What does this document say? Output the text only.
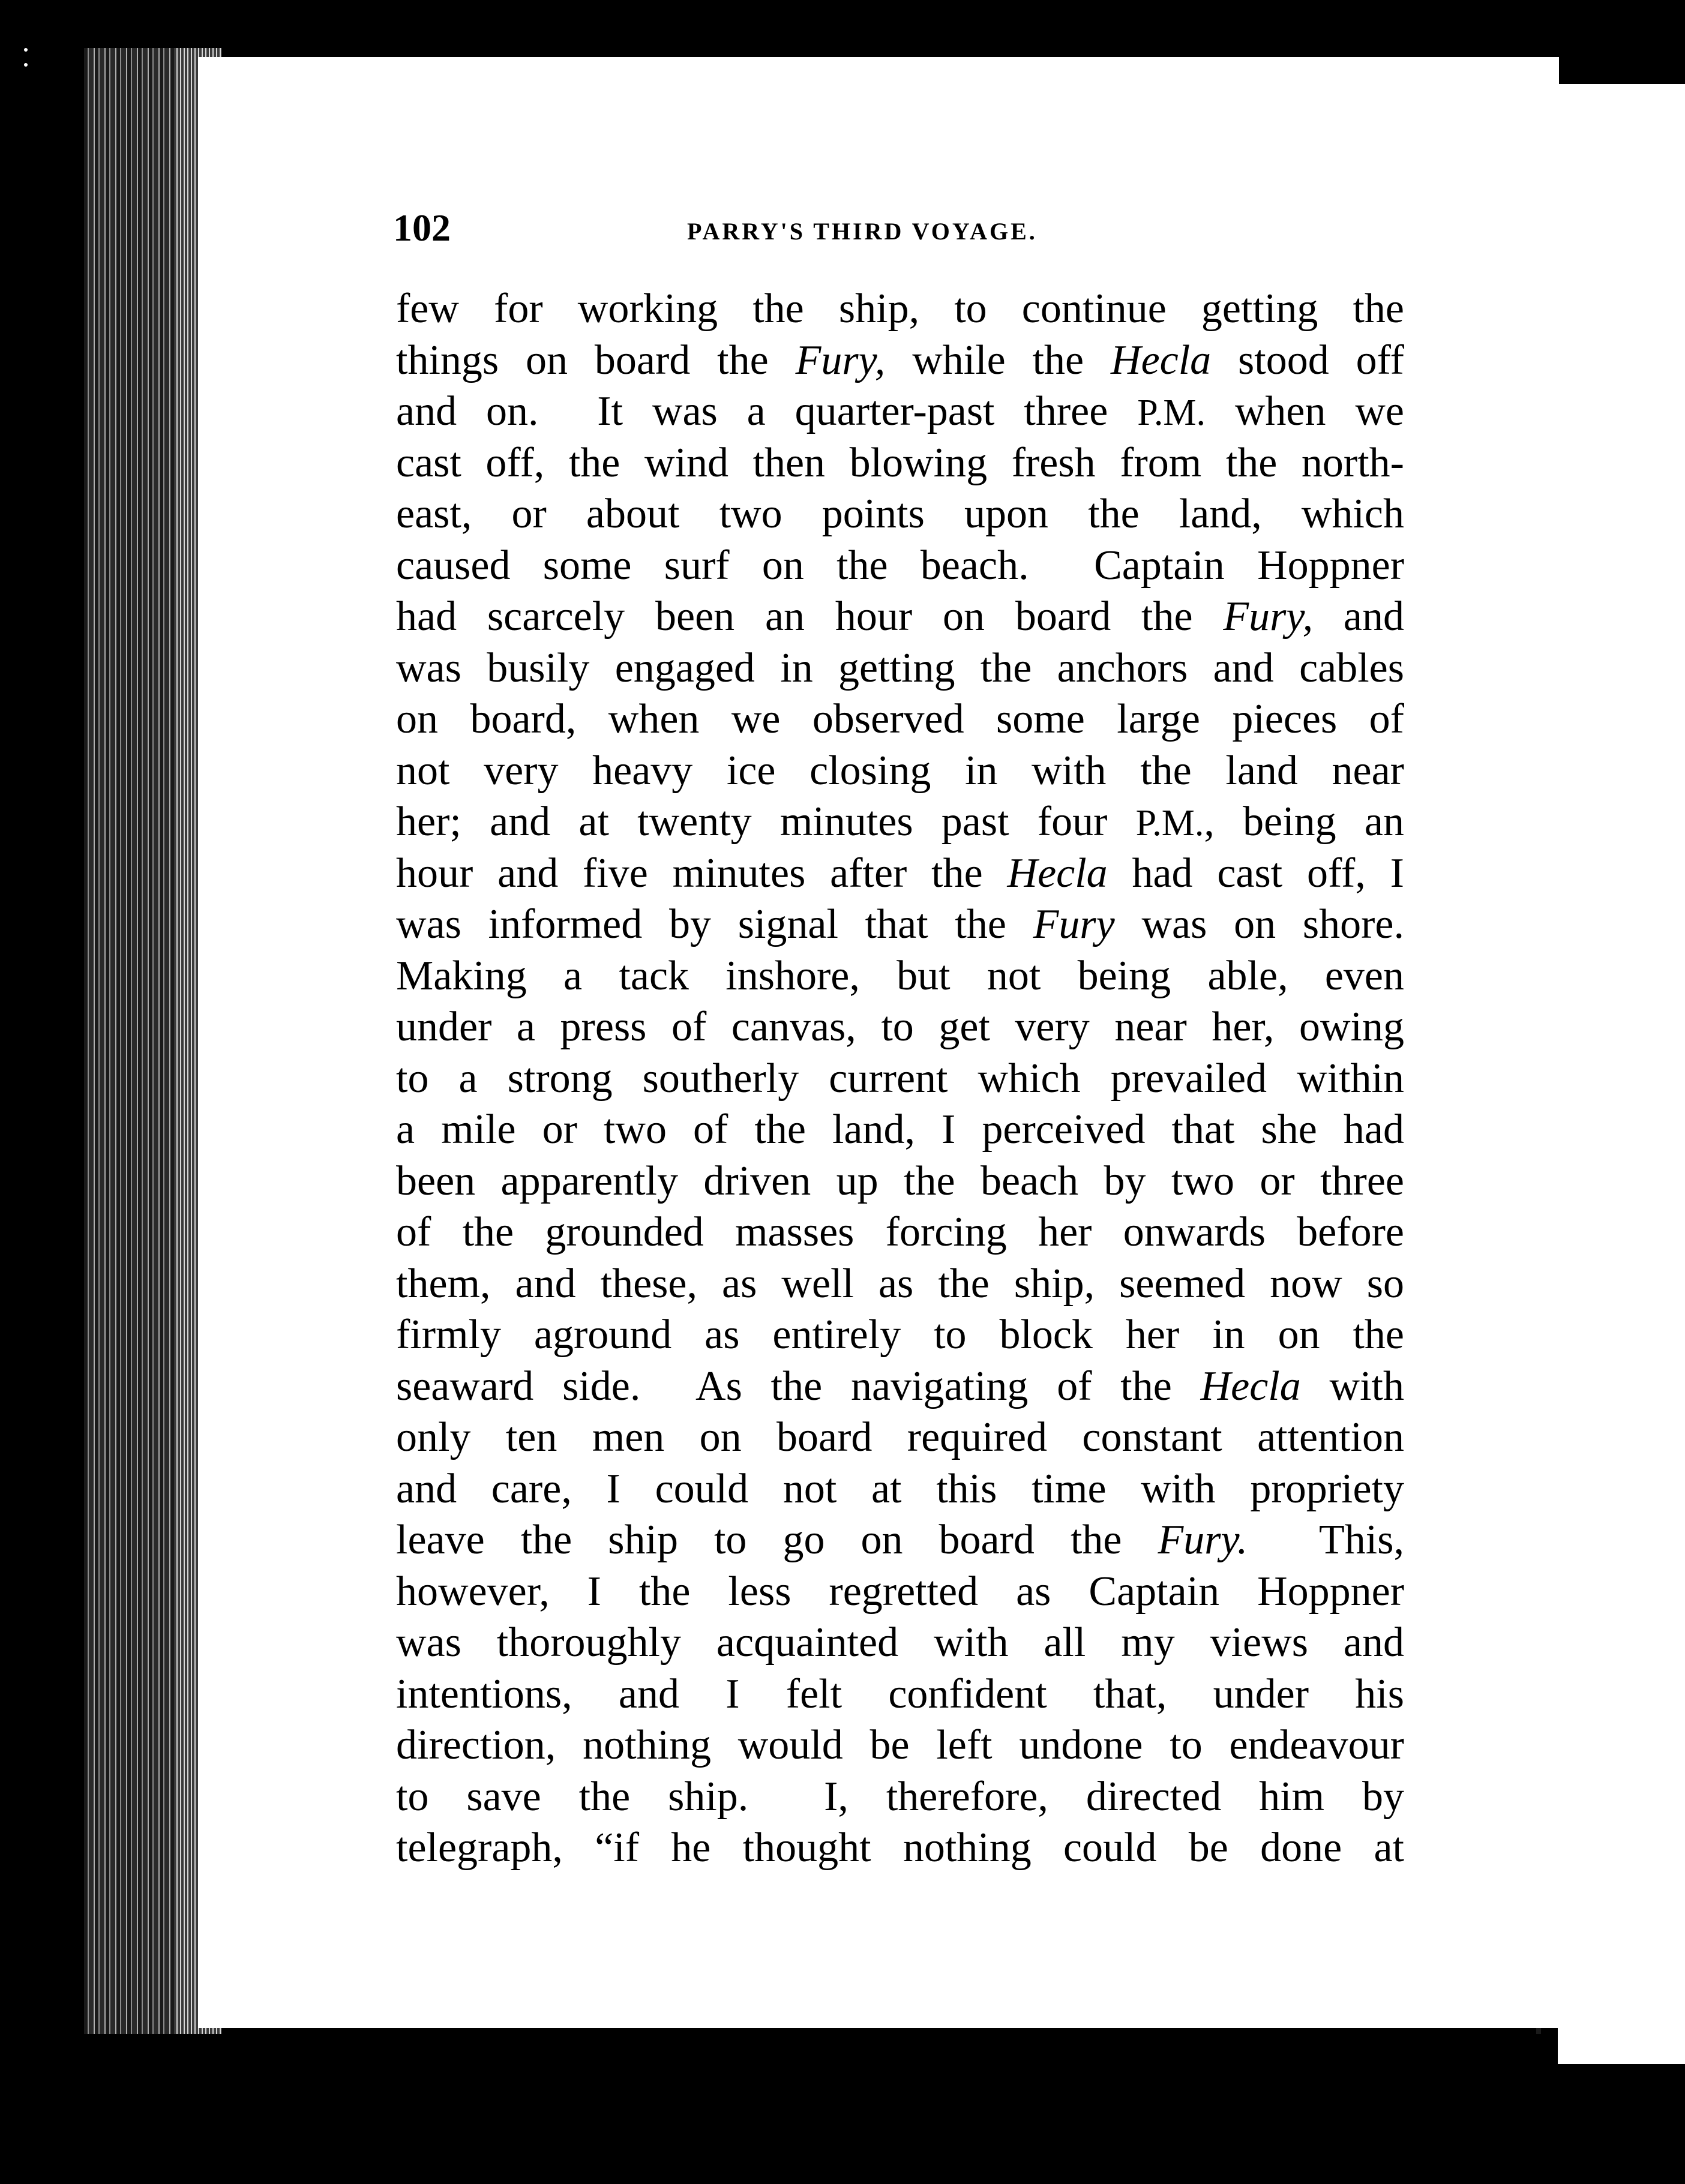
102	PARRY'S THIRD VOYAGE.
few for working the ship, to continue getting the
things on board the Fury, while the Hecla stood off
and on.  It was a quarter-past three P.M. when we
cast off, the wind then blowing fresh from the north-
east, or about two points upon the land, which
caused some surf on the beach.  Captain Hoppner
had scarcely been an hour on board the Fury, and
was busily engaged in getting the anchors and cables
on board, when we observed some large pieces of
not very heavy ice closing in with the land near
her; and at twenty minutes past four P.M., being an
hour and five minutes after the Hecla had cast off, I
was informed by signal that the Fury was on shore.
Making a tack inshore, but not being able, even
under a press of canvas, to get very near her, owing
to a strong southerly current which prevailed within
a mile or two of the land, I perceived that she had
been apparently driven up the beach by two or three
of the grounded masses forcing her onwards before
them, and these, as well as the ship, seemed now so
firmly aground as entirely to block her in on the
seaward side.  As the navigating of the Hecla with
only ten men on board required constant attention
and care, I could not at this time with propriety
leave the ship to go on board the Fury.  This,
however, I the less regretted as Captain Hoppner
was thoroughly acquainted with all my views and
intentions, and I felt confident that, under his
direction, nothing would be left undone to endeavour
to save the ship.  I, therefore, directed him by
telegraph, “if he thought nothing could be done at
